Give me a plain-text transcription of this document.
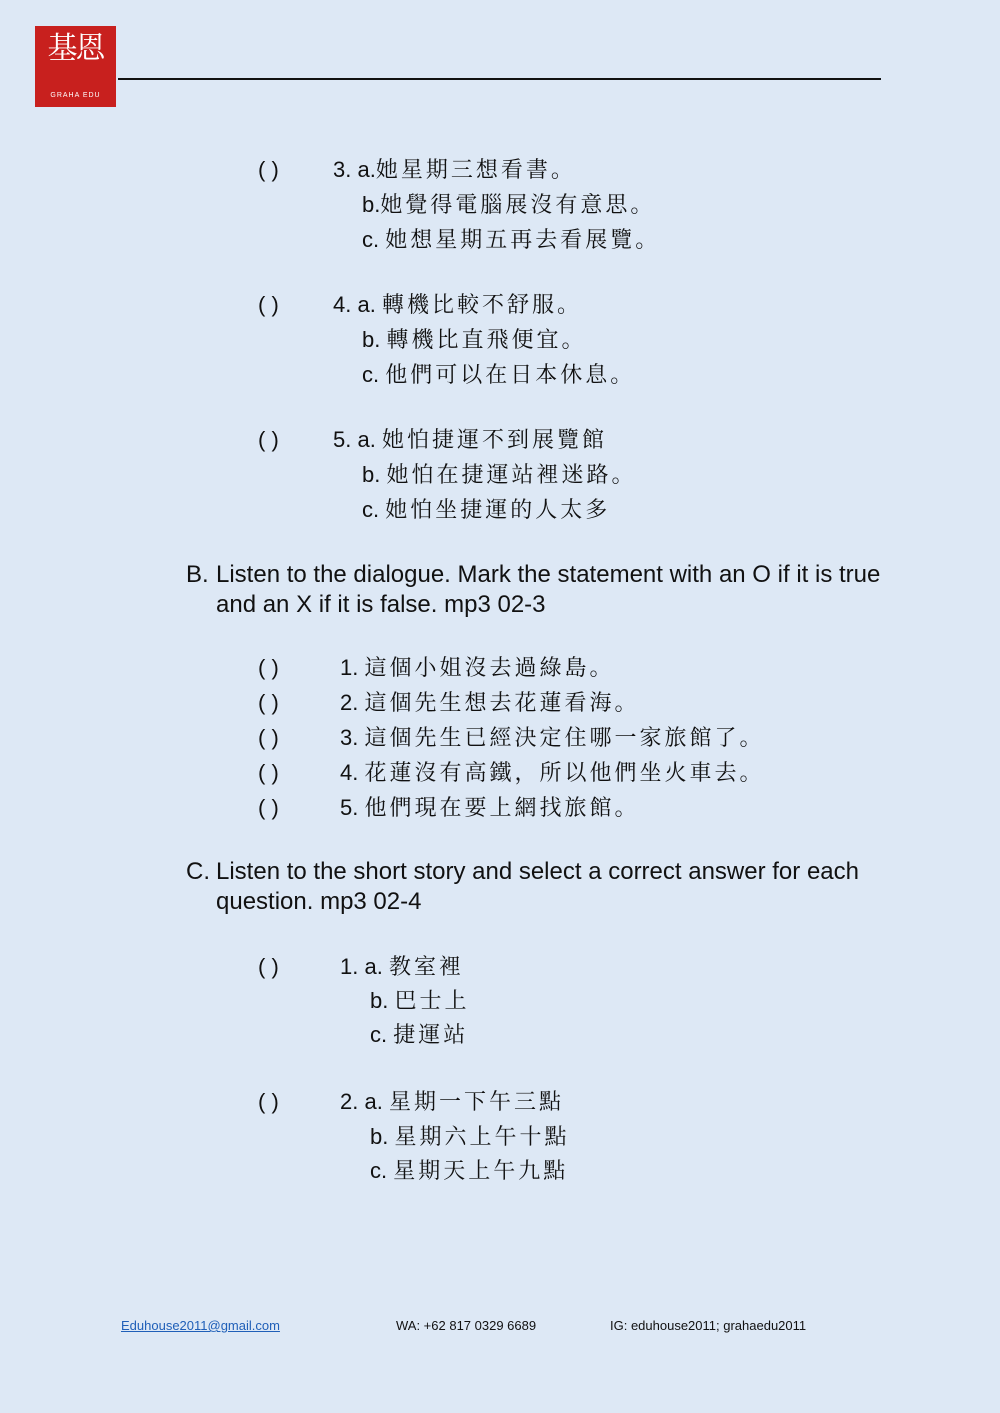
基恩
GRAHA EDU
( ) 3. a.她星期三想看書。
b.她覺得電腦展沒有意思。
c. 她想星期五再去看展覽。
( ) 4. a. 轉機比較不舒服。
b. 轉機比直飛便宜。
c. 他們可以在日本休息。
( ) 5. a. 她怕捷運不到展覽館
b. 她怕在捷運站裡迷路。
c. 她怕坐捷運的人太多
B. Listen to the dialogue. Mark the statement with an O if it is true and an X if it is false. mp3 02-3
( )	1. 這個小姐沒去過綠島。
( )	2. 這個先生想去花蓮看海。
( )	3. 這個先生已經決定住哪一家旅館了。
( )	4. 花蓮沒有高鐵，所以他們坐火車去。
( )	5. 他們現在要上網找旅館。
C. Listen to the short story and select a correct answer for each question. mp3 02-4
( )	1. a. 教室裡
b. 巴士上
c. 捷運站
( )	2. a. 星期一下午三點
b. 星期六上午十點
c. 星期天上午九點
Eduhouse2011@gmail.com	WA: +62 817 0329 6689	IG: eduhouse2011; grahaedu2011
